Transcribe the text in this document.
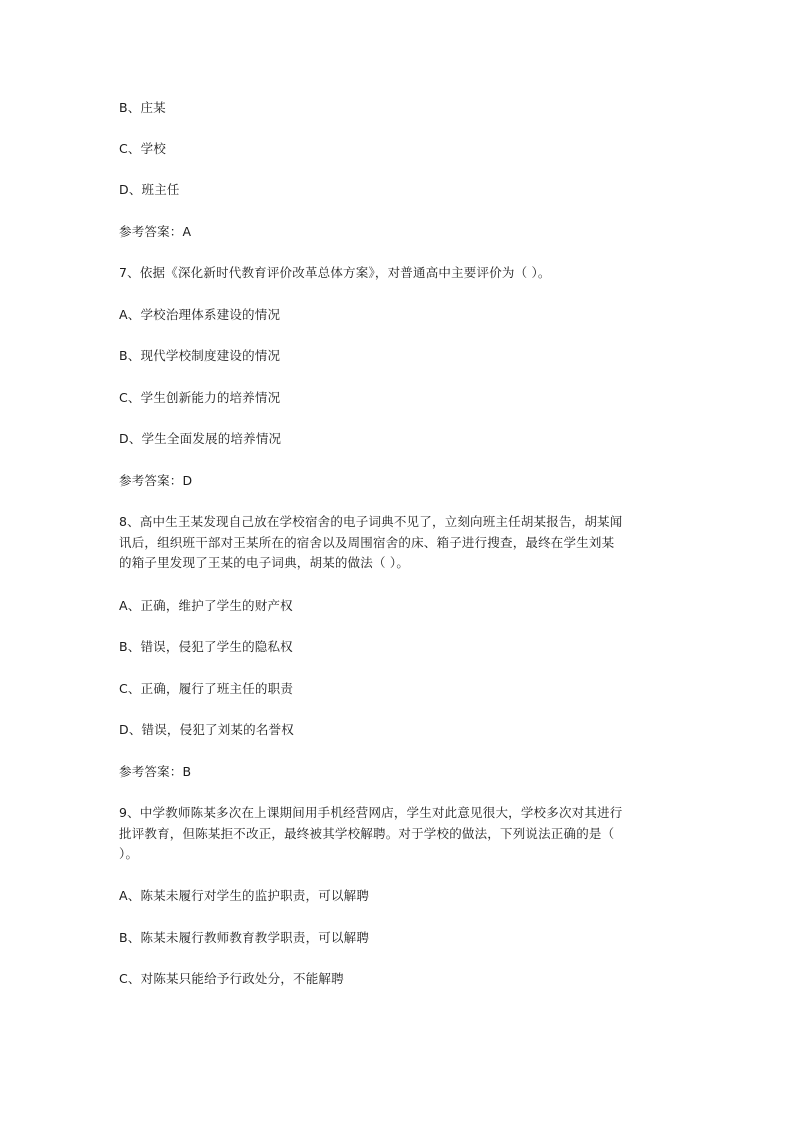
B、庄某
C、学校
D、班主任
参考答案：A
7、依据《深化新时代教育评价改革总体方案》，对普通高中主要评价为（ ）。
A、学校治理体系建设的情况
B、现代学校制度建设的情况
C、学生创新能力的培养情况
D、学生全面发展的培养情况
参考答案：D
8、高中生王某发现自己放在学校宿舍的电子词典不见了，立刻向班主任胡某报告，胡某闻
讯后，组织班干部对王某所在的宿舍以及周围宿舍的床、箱子进行搜查，最终在学生刘某
的箱子里发现了王某的电子词典，胡某的做法（ ）。
A、正确，维护了学生的财产权
B、错误，侵犯了学生的隐私权
C、正确，履行了班主任的职责
D、错误，侵犯了刘某的名誉权
参考答案：B
9、中学教师陈某多次在上课期间用手机经营网店，学生对此意见很大，学校多次对其进行
批评教育，但陈某拒不改正，最终被其学校解聘。对于学校的做法，下列说法正确的是（
）。
A、陈某未履行对学生的监护职责，可以解聘
B、陈某未履行教师教育教学职责，可以解聘
C、对陈某只能给予行政处分，不能解聘
